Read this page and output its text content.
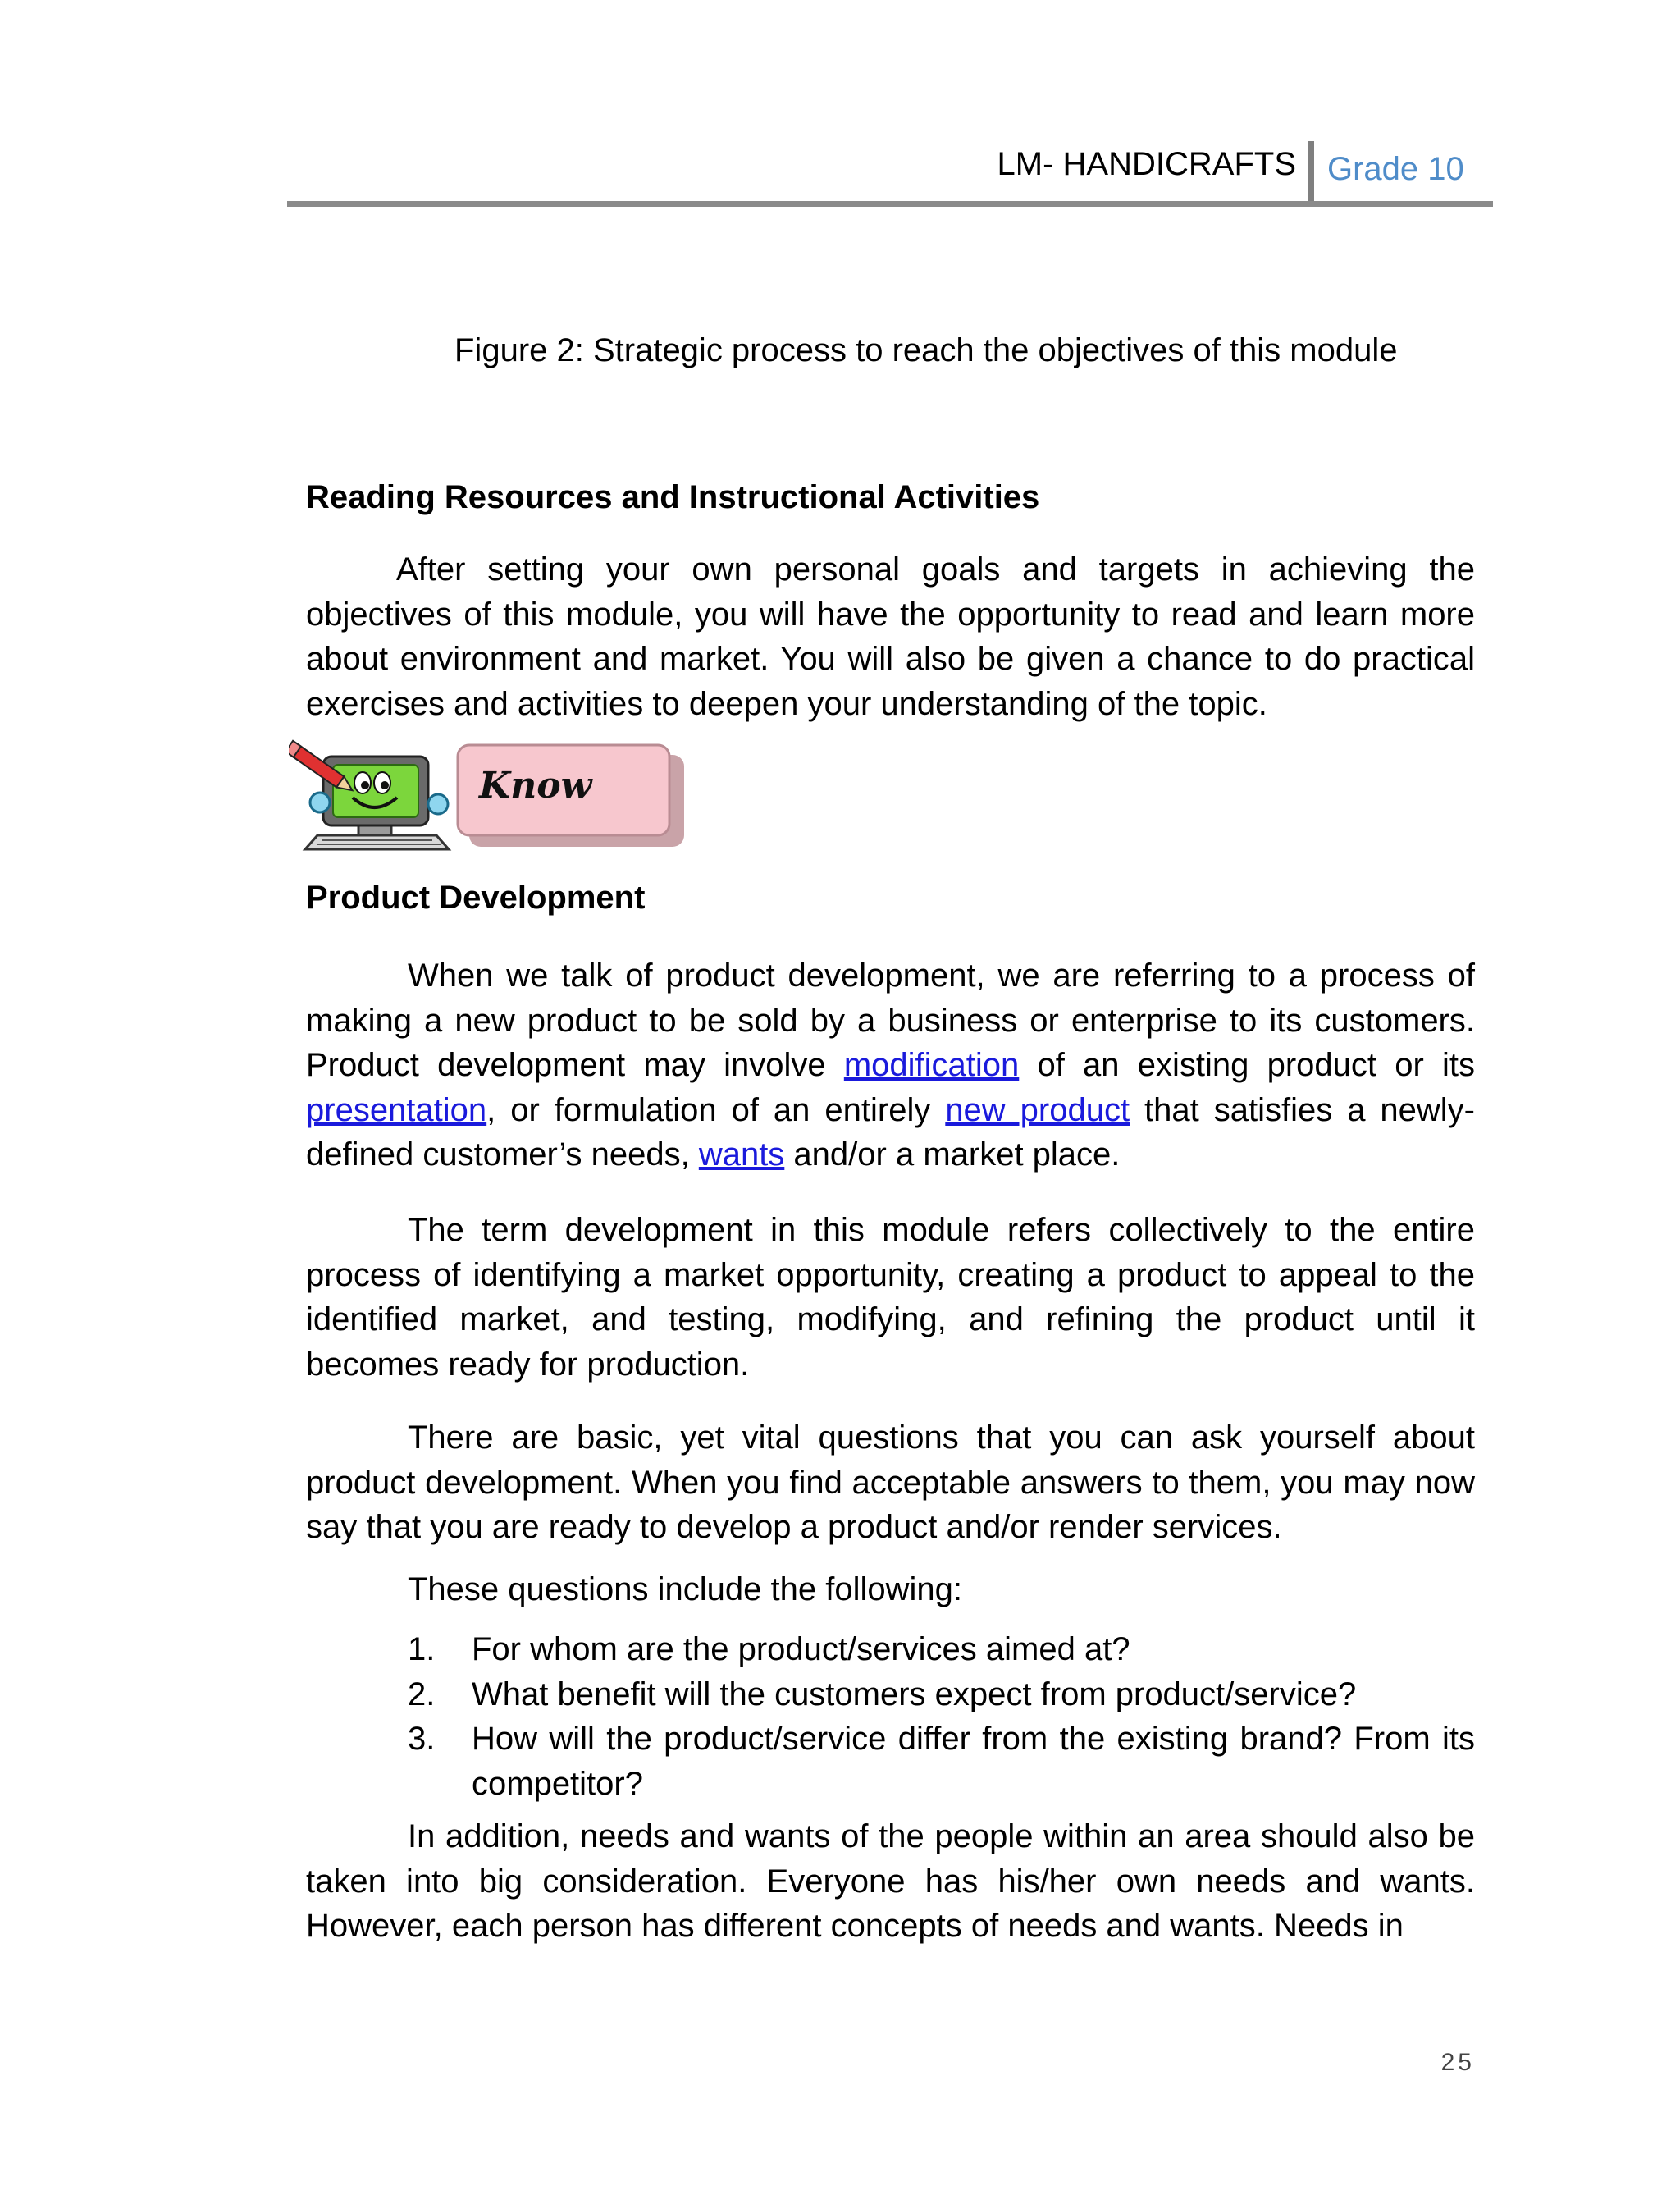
LM- HANDICRAFTS Grade 10
Figure 2: Strategic process to reach the objectives of this module
Reading Resources and Instructional Activities

After setting your own personal goals and targets in achieving the objectives of this module, you will have the opportunity to read and learn more about environment and market. You will also be given a chance to do practical exercises and activities to deepen your understanding of the topic.

Know
Product Development

When we talk of product development, we are referring to a process of making a new product to be sold by a business or enterprise to its customers. Product development may involve modification of an existing product or its presentation, or formulation of an entirely new product that satisfies a newly-defined customer’s needs, wants and/or a market place.

The term development in this module refers collectively to the entire process of identifying a market opportunity, creating a product to appeal to the identified market, and testing, modifying, and refining the product until it becomes ready for production.

There are basic, yet vital questions that you can ask yourself about product development. When you find acceptable answers to them, you may now say that you are ready to develop a product and/or render services.

These questions include the following:
1. For whom are the product/services aimed at?
2. What benefit will the customers expect from product/service?
3. How will the product/service differ from the existing brand? From its competitor?

In addition, needs and wants of the people within an area should also be taken into big consideration. Everyone has his/her own needs and wants. However, each person has different concepts of needs and wants. Needs in

25
